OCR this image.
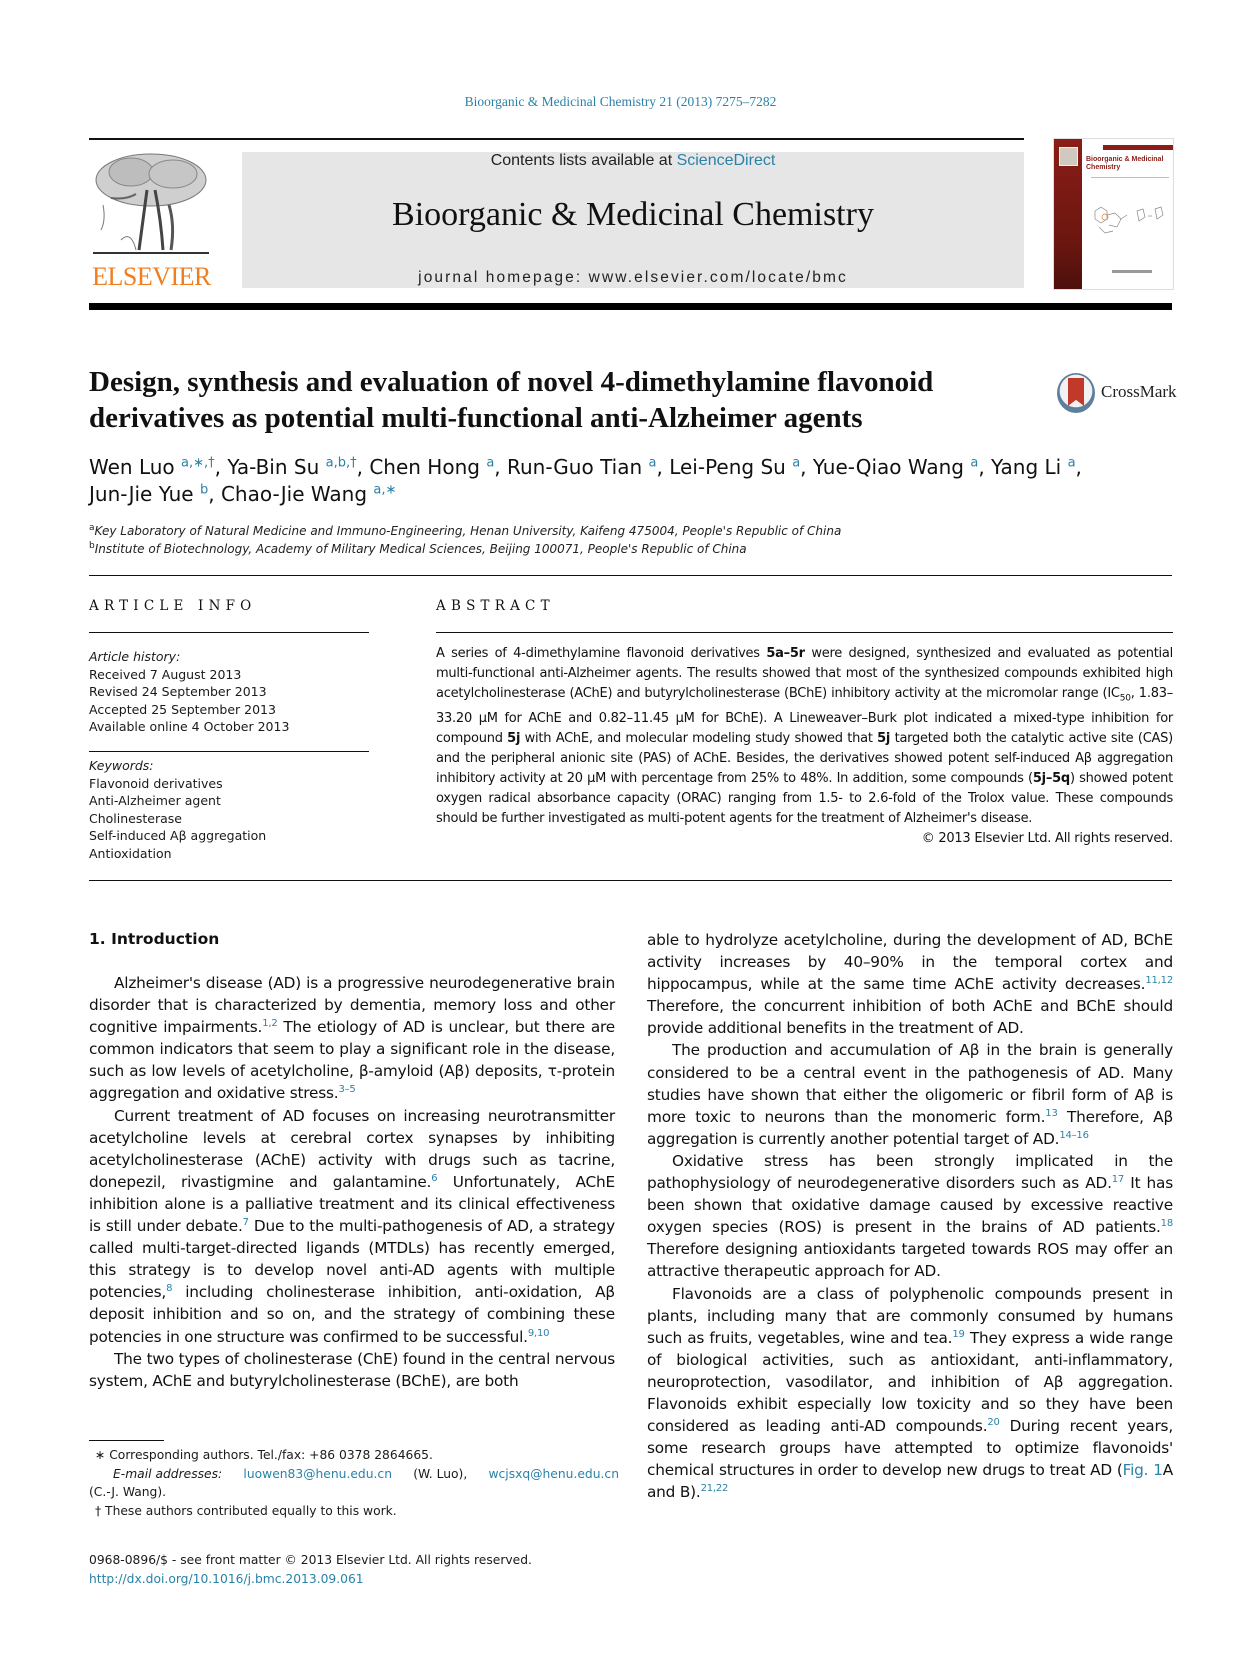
Bioorganic & Medicinal Chemistry 21 (2013) 7275–7282
ELSEVIER
Contents lists available at ScienceDirect
Bioorganic & Medicinal Chemistry
journal homepage: www.elsevier.com/locate/bmc
Bioorganic & Medicinal Chemistry
Design, synthesis and evaluation of novel 4-dimethylamine flavonoid derivatives as potential multi-functional anti-Alzheimer agents
CrossMark
Wen Luo $^{a,∗,\dagger}$, Ya-Bin Su $^{a,b,\dagger}$, Chen Hong $^a$, Run-Guo Tian $^a$, Lei-Peng Su $^a$, Yue-Qiao Wang $^a$, Yang Li $^a$,
Jun-Jie Yue $^b$, Chao-Jie Wang $^{a,∗}$
$^a$Key Laboratory of Natural Medicine and Immuno-Engineering, Henan University, Kaifeng 475004, People's Republic of China
$^b$Institute of Biotechnology, Academy of Military Medical Sciences, Beijing 100071, People's Republic of China
ARTICLE INFO
Article history:
Received 7 August 2013
Revised 24 September 2013
Accepted 25 September 2013
Available online 4 October 2013
Keywords:
Flavonoid derivatives
Anti-Alzheimer agent
Cholinesterase
Self-induced Aβ aggregation
Antioxidation
ABSTRACT
A series of 4-dimethylamine flavonoid derivatives 5a–5r were designed, synthesized and evaluated as potential multi-functional anti-Alzheimer agents. The results showed that most of the synthesized compounds exhibited high acetylcholinesterase (AChE) and butyrylcholinesterase (BChE) inhibitory activity at the micromolar range ($IC_{50}$, 1.83–33.20 μM for AChE and 0.82–11.45 μM for BChE). A Lineweaver–Burk plot indicated a mixed-type inhibition for compound 5j with AChE, and molecular modeling study showed that 5j targeted both the catalytic active site (CAS) and the peripheral anionic site (PAS) of AChE. Besides, the derivatives showed potent self-induced Aβ aggregation inhibitory activity at 20 μM with percentage from 25% to 48%. In addition, some compounds (5j–5q) showed potent oxygen radical absorbance capacity (ORAC) ranging from 1.5- to 2.6-fold of the Trolox value. These compounds should be further investigated as multi-potent agents for the treatment of Alzheimer's disease.
© 2013 Elsevier Ltd. All rights reserved.
1. Introduction

Alzheimer's disease (AD) is a progressive neurodegenerative brain disorder that is characterized by dementia, memory loss and other cognitive impairments.$^{1,2}$ The etiology of AD is unclear, but there are common indicators that seem to play a significant role in the disease, such as low levels of acetylcholine, β-amyloid (Aβ) deposits, τ-protein aggregation and oxidative stress.$^{3-5}$

Current treatment of AD focuses on increasing neurotransmitter acetylcholine levels at cerebral cortex synapses by inhibiting acetylcholinesterase (AChE) activity with drugs such as tacrine, donepezil, rivastigmine and galantamine.$^6$ Unfortunately, AChE inhibition alone is a palliative treatment and its clinical effectiveness is still under debate.$^7$ Due to the multi-pathogenesis of AD, a strategy called multi-target-directed ligands (MTDLs) has recently emerged, this strategy is to develop novel anti-AD agents with multiple potencies,$^8$ including cholinesterase inhibition, anti-oxidation, Aβ deposit inhibition and so on, and the strategy of combining these potencies in one structure was confirmed to be successful.$^{9,10}$

The two types of cholinesterase (ChE) found in the central nervous system, AChE and butyrylcholinesterase (BChE), are both

able to hydrolyze acetylcholine, during the development of AD, BChE activity increases by 40–90% in the temporal cortex and hippocampus, while at the same time AChE activity decreases.$^{11,12}$ Therefore, the concurrent inhibition of both AChE and BChE should provide additional benefits in the treatment of AD.

The production and accumulation of Aβ in the brain is generally considered to be a central event in the pathogenesis of AD. Many studies have shown that either the oligomeric or fibril form of Aβ is more toxic to neurons than the monomeric form.$^{13}$ Therefore, Aβ aggregation is currently another potential target of AD.$^{14-16}$

Oxidative stress has been strongly implicated in the pathophysiology of neurodegenerative disorders such as AD.$^{17}$ It has been shown that oxidative damage caused by excessive reactive oxygen species (ROS) is present in the brains of AD patients.$^{18}$ Therefore designing antioxidants targeted towards ROS may offer an attractive therapeutic approach for AD.

Flavonoids are a class of polyphenolic compounds present in plants, including many that are commonly consumed by humans such as fruits, vegetables, wine and tea.$^{19}$ They express a wide range of biological activities, such as antioxidant, anti-inflammatory, neuroprotection, vasodilator, and inhibition of Aβ aggregation. Flavonoids exhibit especially low toxicity and so they have been considered as leading anti-AD compounds.$^{20}$ During recent years, some research groups have attempted to optimize flavonoids' chemical structures in order to develop new drugs to treat AD (Fig. 1A and B).$^{21,22}$

∗ Corresponding authors. Tel./fax: +86 0378 2864665.
E-mail addresses: luowen83@henu.edu.cn (W. Luo), wcjsxq@henu.edu.cn
(C.-J. Wang).
† These authors contributed equally to this work.
0968-0896/$ - see front matter © 2013 Elsevier Ltd. All rights reserved.
http://dx.doi.org/10.1016/j.bmc.2013.09.061
